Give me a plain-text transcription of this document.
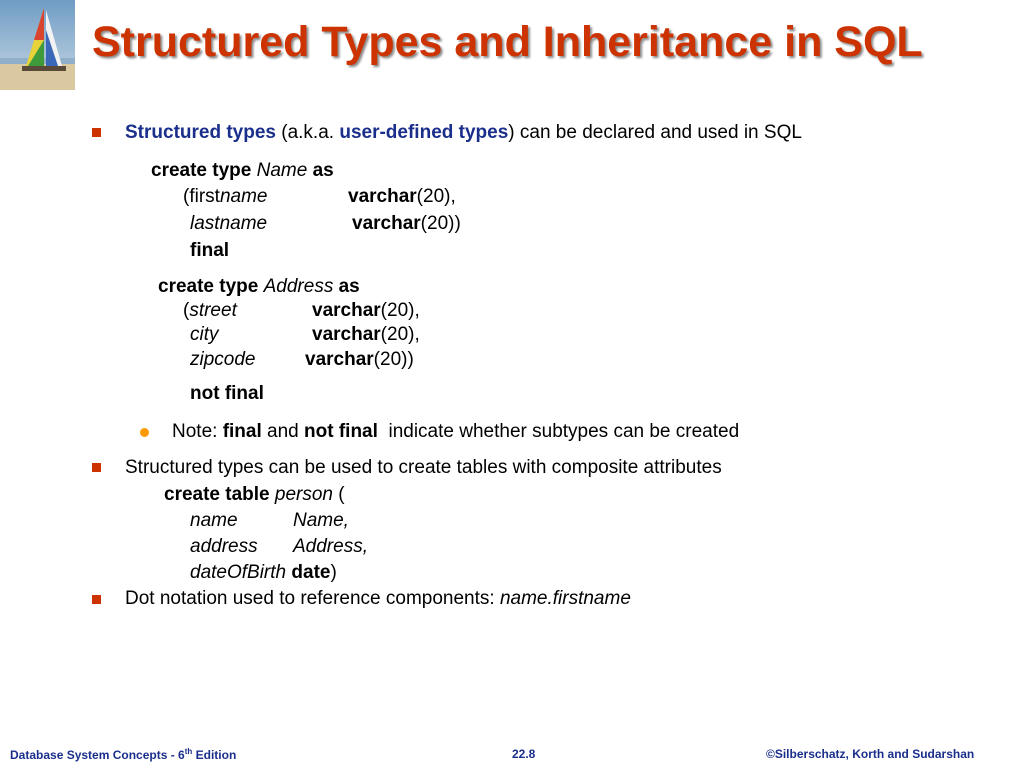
Structured Types and Inheritance in SQL
Structured types (a.k.a. user-defined types) can be declared and used in SQL
create type Name as
(firstname	varchar(20),
lastname	varchar(20))
final
create type Address as
(street	varchar(20),
city	varchar(20),
zipcode	varchar(20))
not final
Note: final and not final  indicate whether subtypes can be created
Structured types can be used to create tables with composite attributes
create table person (
name	Name,
address Address,
dateOfBirth date)
Dot notation used to reference components: name.firstname
Database System Concepts - 6th Edition	22.8	©Silberschatz, Korth and Sudarshan
